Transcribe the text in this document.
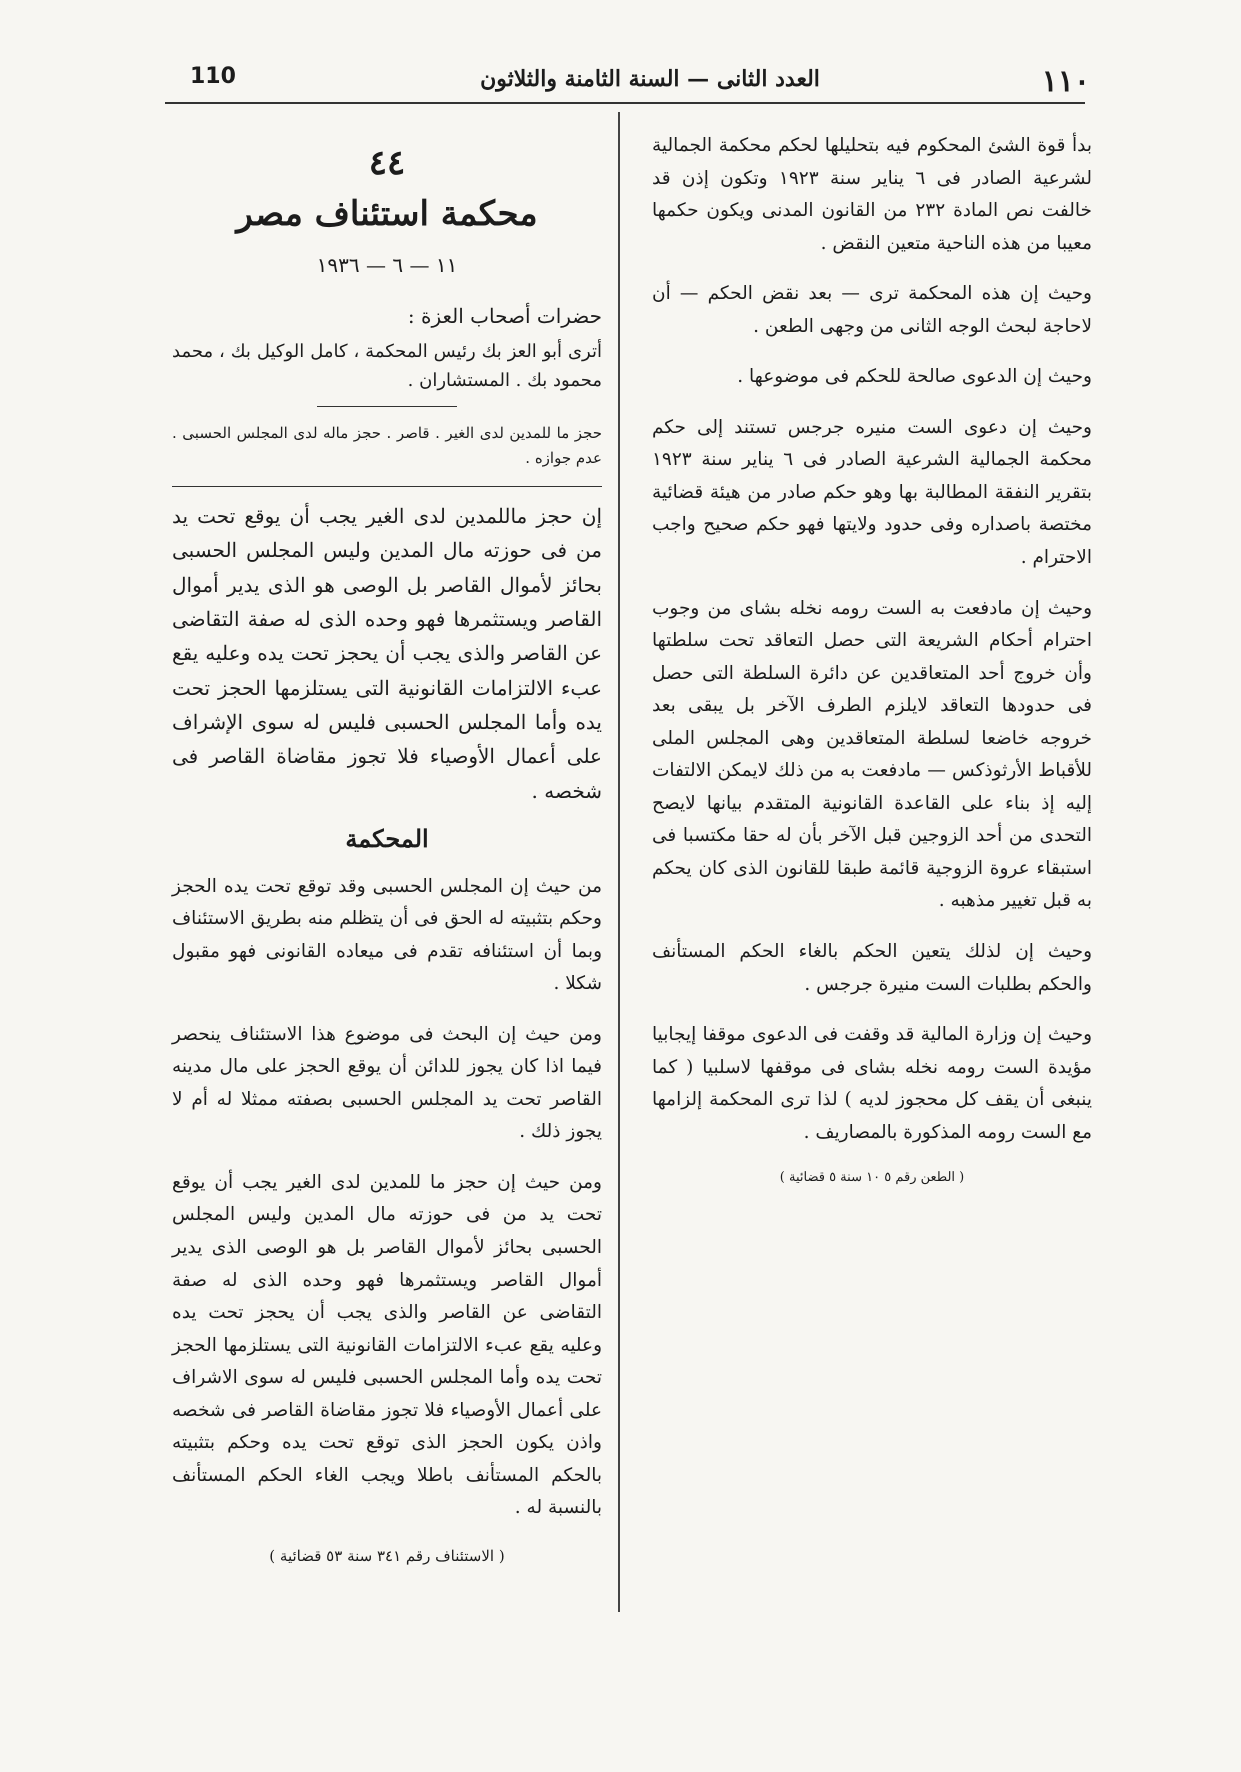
١١٠
العدد الثانى — السنة الثامنة والثلاثون
110

بدأ قوة الشئ المحكوم فيه بتحليلها لحكم محكمة الجمالية لشرعية الصادر فى ٦ يناير سنة ١٩٢٣ وتكون إذن قد خالفت نص المادة ٢٣٢ من القانون المدنى ويكون حكمها معيبا من هذه الناحية متعين النقض .

وحيث إن هذه المحكمة ترى — بعد نقض الحكم — أن لاحاجة لبحث الوجه الثانى من وجهى الطعن .

وحيث إن الدعوى صالحة للحكم فى موضوعها .

وحيث إن دعوى الست منيره جرجس تستند إلى حكم محكمة الجمالية الشرعية الصادر فى ٦ يناير سنة ١٩٢٣ بتقرير النفقة المطالبة بها وهو حكم صادر من هيئة قضائية مختصة باصداره وفى حدود ولايتها فهو حكم صحيح واجب الاحترام .

وحيث إن مادفعت به الست رومه نخله بشاى من وجوب احترام أحكام الشريعة التى حصل التعاقد تحت سلطتها وأن خروج أحد المتعاقدين عن دائرة السلطة التى حصل فى حدودها التعاقد لايلزم الطرف الآخر بل يبقى بعد خروجه خاضعا لسلطة المتعاقدين وهى المجلس الملى للأقباط الأرثوذكس — مادفعت به من ذلك لايمكن الالتفات إليه إذ بناء على القاعدة القانونية المتقدم بيانها لايصح التحدى من أحد الزوجين قبل الآخر بأن له حقا مكتسبا فى استبقاء عروة الزوجية قائمة طبقا للقانون الذى كان يحكم به قبل تغيير مذهبه .

وحيث إن لذلك يتعين الحكم بالغاء الحكم المستأنف والحكم بطلبات الست منيرة جرجس .

وحيث إن وزارة المالية قد وقفت فى الدعوى موقفا إيجابيا مؤيدة الست رومه نخله بشاى فى موقفها لاسلبيا ( كما ينبغى أن يقف كل محجوز لديه ) لذا ترى المحكمة إلزامها مع الست رومه المذكورة بالمصاريف .

( الطعن رقم ٥ ١٠ سنة ٥ قضائية )
٤٤
محكمة استئناف مصر
١١ — ٦ — ١٩٣٦
حضرات أصحاب العزة :
أترى أبو العز بك رئيس المحكمة ، كامل الوكيل بك ، محمد محمود بك . المستشاران .
حجز ما للمدين لدى الغير . قاصر . حجز ماله لدى المجلس الحسبى . عدم جوازه .
إن حجز ماللمدين لدى الغير يجب أن يوقع تحت يد من فى حوزته مال المدين وليس المجلس الحسبى بحائز لأموال القاصر بل الوصى هو الذى يدير أموال القاصر ويستثمرها فهو وحده الذى له صفة التقاضى عن القاصر والذى يجب أن يحجز تحت يده وعليه يقع عبء الالتزامات القانونية التى يستلزمها الحجز تحت يده وأما المجلس الحسبى فليس له سوى الإشراف على أعمال الأوصياء فلا تجوز مقاضاة القاصر فى شخصه .
المحكمة

من حيث إن المجلس الحسبى وقد توقع تحت يده الحجز وحكم بتثبيته له الحق فى أن يتظلم منه بطريق الاستئناف وبما أن استئنافه تقدم فى ميعاده القانونى فهو مقبول شكلا .

ومن حيث إن البحث فى موضوع هذا الاستئناف ينحصر فيما اذا كان يجوز للدائن أن يوقع الحجز على مال مدينه القاصر تحت يد المجلس الحسبى بصفته ممثلا له أم لا يجوز ذلك .

ومن حيث إن حجز ما للمدين لدى الغير يجب أن يوقع تحت يد من فى حوزته مال المدين وليس المجلس الحسبى بحائز لأموال القاصر بل هو الوصى الذى يدير أموال القاصر ويستثمرها فهو وحده الذى له صفة التقاضى عن القاصر والذى يجب أن يحجز تحت يده وعليه يقع عبء الالتزامات القانونية التى يستلزمها الحجز تحت يده وأما المجلس الحسبى فليس له سوى الاشراف على أعمال الأوصياء فلا تجوز مقاضاة القاصر فى شخصه واذن يكون الحجز الذى توقع تحت يده وحكم بتثبيته بالحكم المستأنف باطلا ويجب الغاء الحكم المستأنف بالنسبة له .

( الاستئناف رقم ٣٤١ سنة ٥٣ قضائية )
